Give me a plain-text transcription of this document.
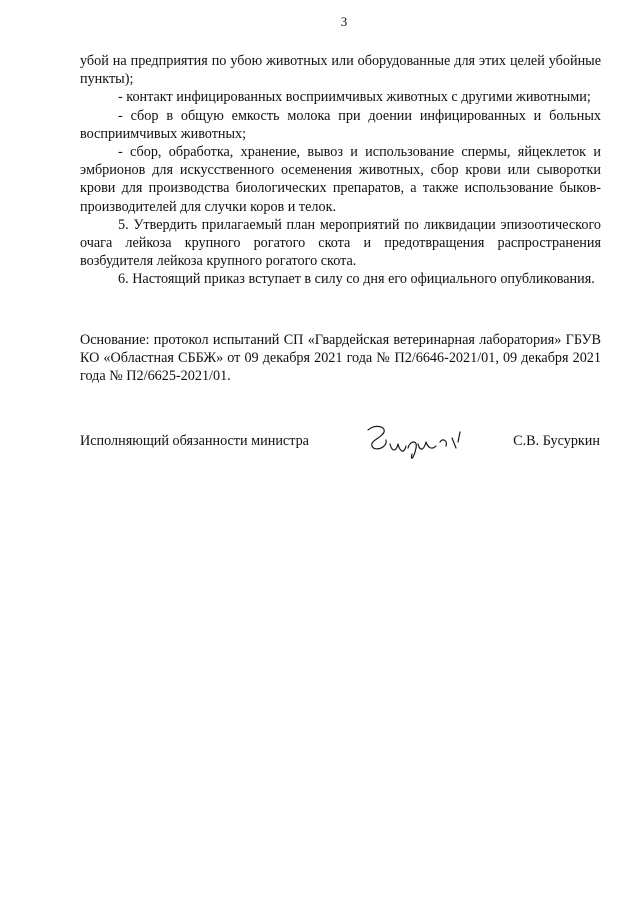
3

убой на предприятия по убою животных или оборудованные для этих целей убойные пункты);

- контакт инфицированных восприимчивых животных с другими животными;

- сбор в общую емкость молока при доении инфицированных и больных восприимчивых животных;

- сбор, обработка, хранение, вывоз и использование спермы, яйцеклеток и эмбрионов для искусственного осеменения животных, сбор крови или сыворотки крови для производства биологических препаратов, а также использование быков-производителей для случки коров и телок.

5. Утвердить прилагаемый план мероприятий по ликвидации эпизоотического очага лейкоза крупного рогатого скота и предотвращения распространения возбудителя лейкоза крупного рогатого скота.

6. Настоящий приказ вступает в силу со дня его официального опубликования.

Основание: протокол испытаний СП «Гвардейская ветеринарная лаборатория» ГБУВ КО «Областная СББЖ» от 09 декабря 2021 года № П2/6646-2021/01, 09 декабря 2021 года № П2/6625-2021/01.

Исполняющий обязанности министра	С.В. Бусуркин
